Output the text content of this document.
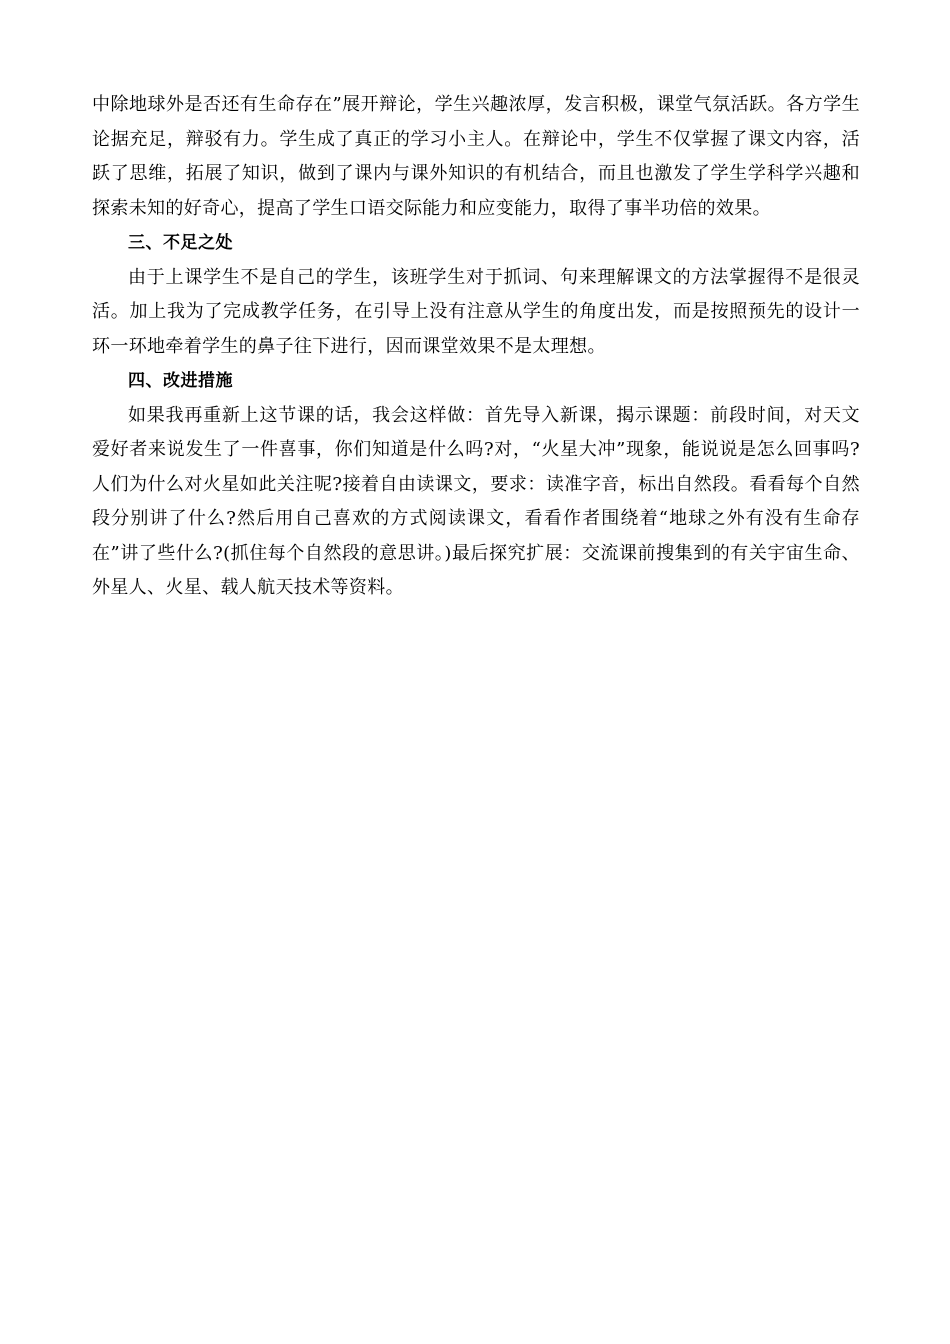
中除地球外是否还有生命存在”展开辩论，学生兴趣浓厚，发言积极，课堂气氛活跃。各方学生论据充足，辩驳有力。学生成了真正的学习小主人。在辩论中，学生不仅掌握了课文内容，活跃了思维，拓展了知识，做到了课内与课外知识的有机结合，而且也激发了学生学科学兴趣和探索未知的好奇心，提高了学生口语交际能力和应变能力，取得了事半功倍的效果。

三、不足之处

由于上课学生不是自己的学生，该班学生对于抓词、句来理解课文的方法掌握得不是很灵活。加上我为了完成教学任务，在引导上没有注意从学生的角度出发，而是按照预先的设计一环一环地牵着学生的鼻子往下进行，因而课堂效果不是太理想。

四、改进措施

如果我再重新上这节课的话，我会这样做：首先导入新课，揭示课题：前段时间，对天文爱好者来说发生了一件喜事，你们知道是什么吗?对，“火星大冲”现象，能说说是怎么回事吗?人们为什么对火星如此关注呢?接着自由读课文，要求：读准字音，标出自然段。看看每个自然段分别讲了什么?然后用自己喜欢的方式阅读课文，看看作者围绕着“地球之外有没有生命存在”讲了些什么?(抓住每个自然段的意思讲。)最后探究扩展：交流课前搜集到的有关宇宙生命、外星人、火星、载人航天技术等资料。
